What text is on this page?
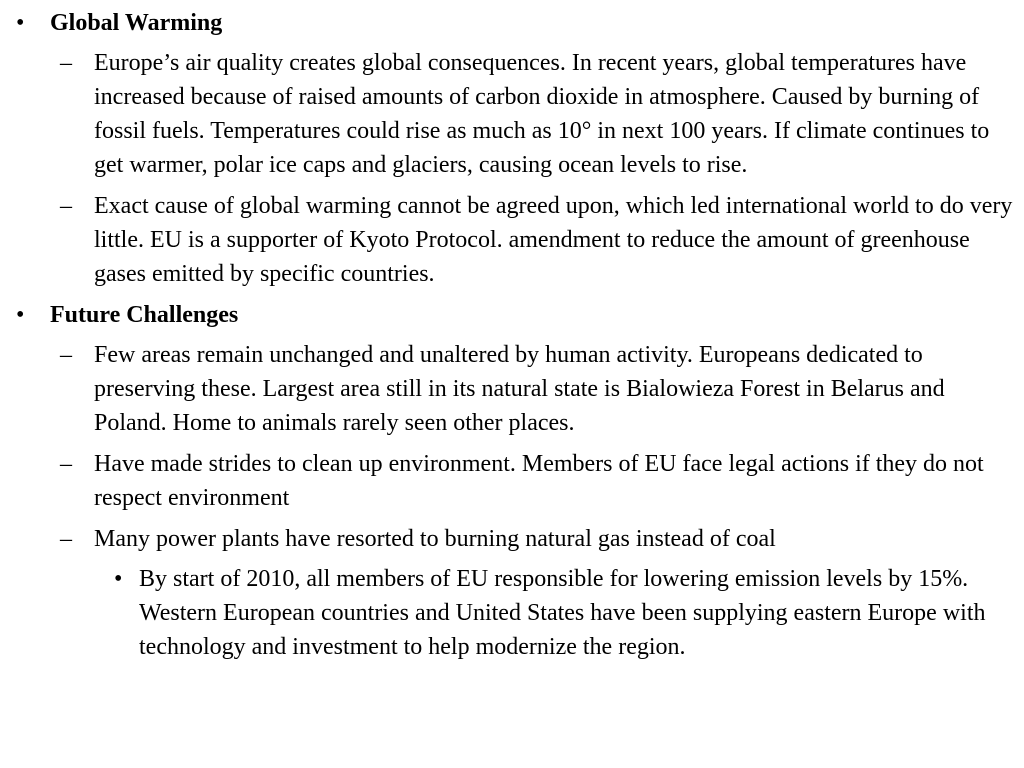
• Global Warming
– Europe’s air quality creates global consequences. In recent years, global temperatures have increased because of raised amounts of carbon dioxide in atmosphere. Caused by burning of fossil fuels. Temperatures could rise as much as 10° in next 100 years. If climate continues to get warmer, polar ice caps and glaciers, causing ocean levels to rise.
– Exact cause of global warming cannot be agreed upon, which led international world to do very little. EU is a supporter of Kyoto Protocol. amendment to reduce the amount of greenhouse gases emitted by specific countries.
• Future Challenges
– Few areas remain unchanged and unaltered by human activity. Europeans dedicated to preserving these. Largest area still in its natural state is Bialowieza Forest in Belarus and Poland. Home to animals rarely seen other places.
– Have made strides to clean up environment. Members of EU face legal actions if they do not respect environment
– Many power plants have resorted to burning natural gas instead of coal
• By start of 2010, all members of EU responsible for lowering emission levels by 15%. Western European countries and United States have been supplying eastern Europe with technology and investment to help modernize the region.
